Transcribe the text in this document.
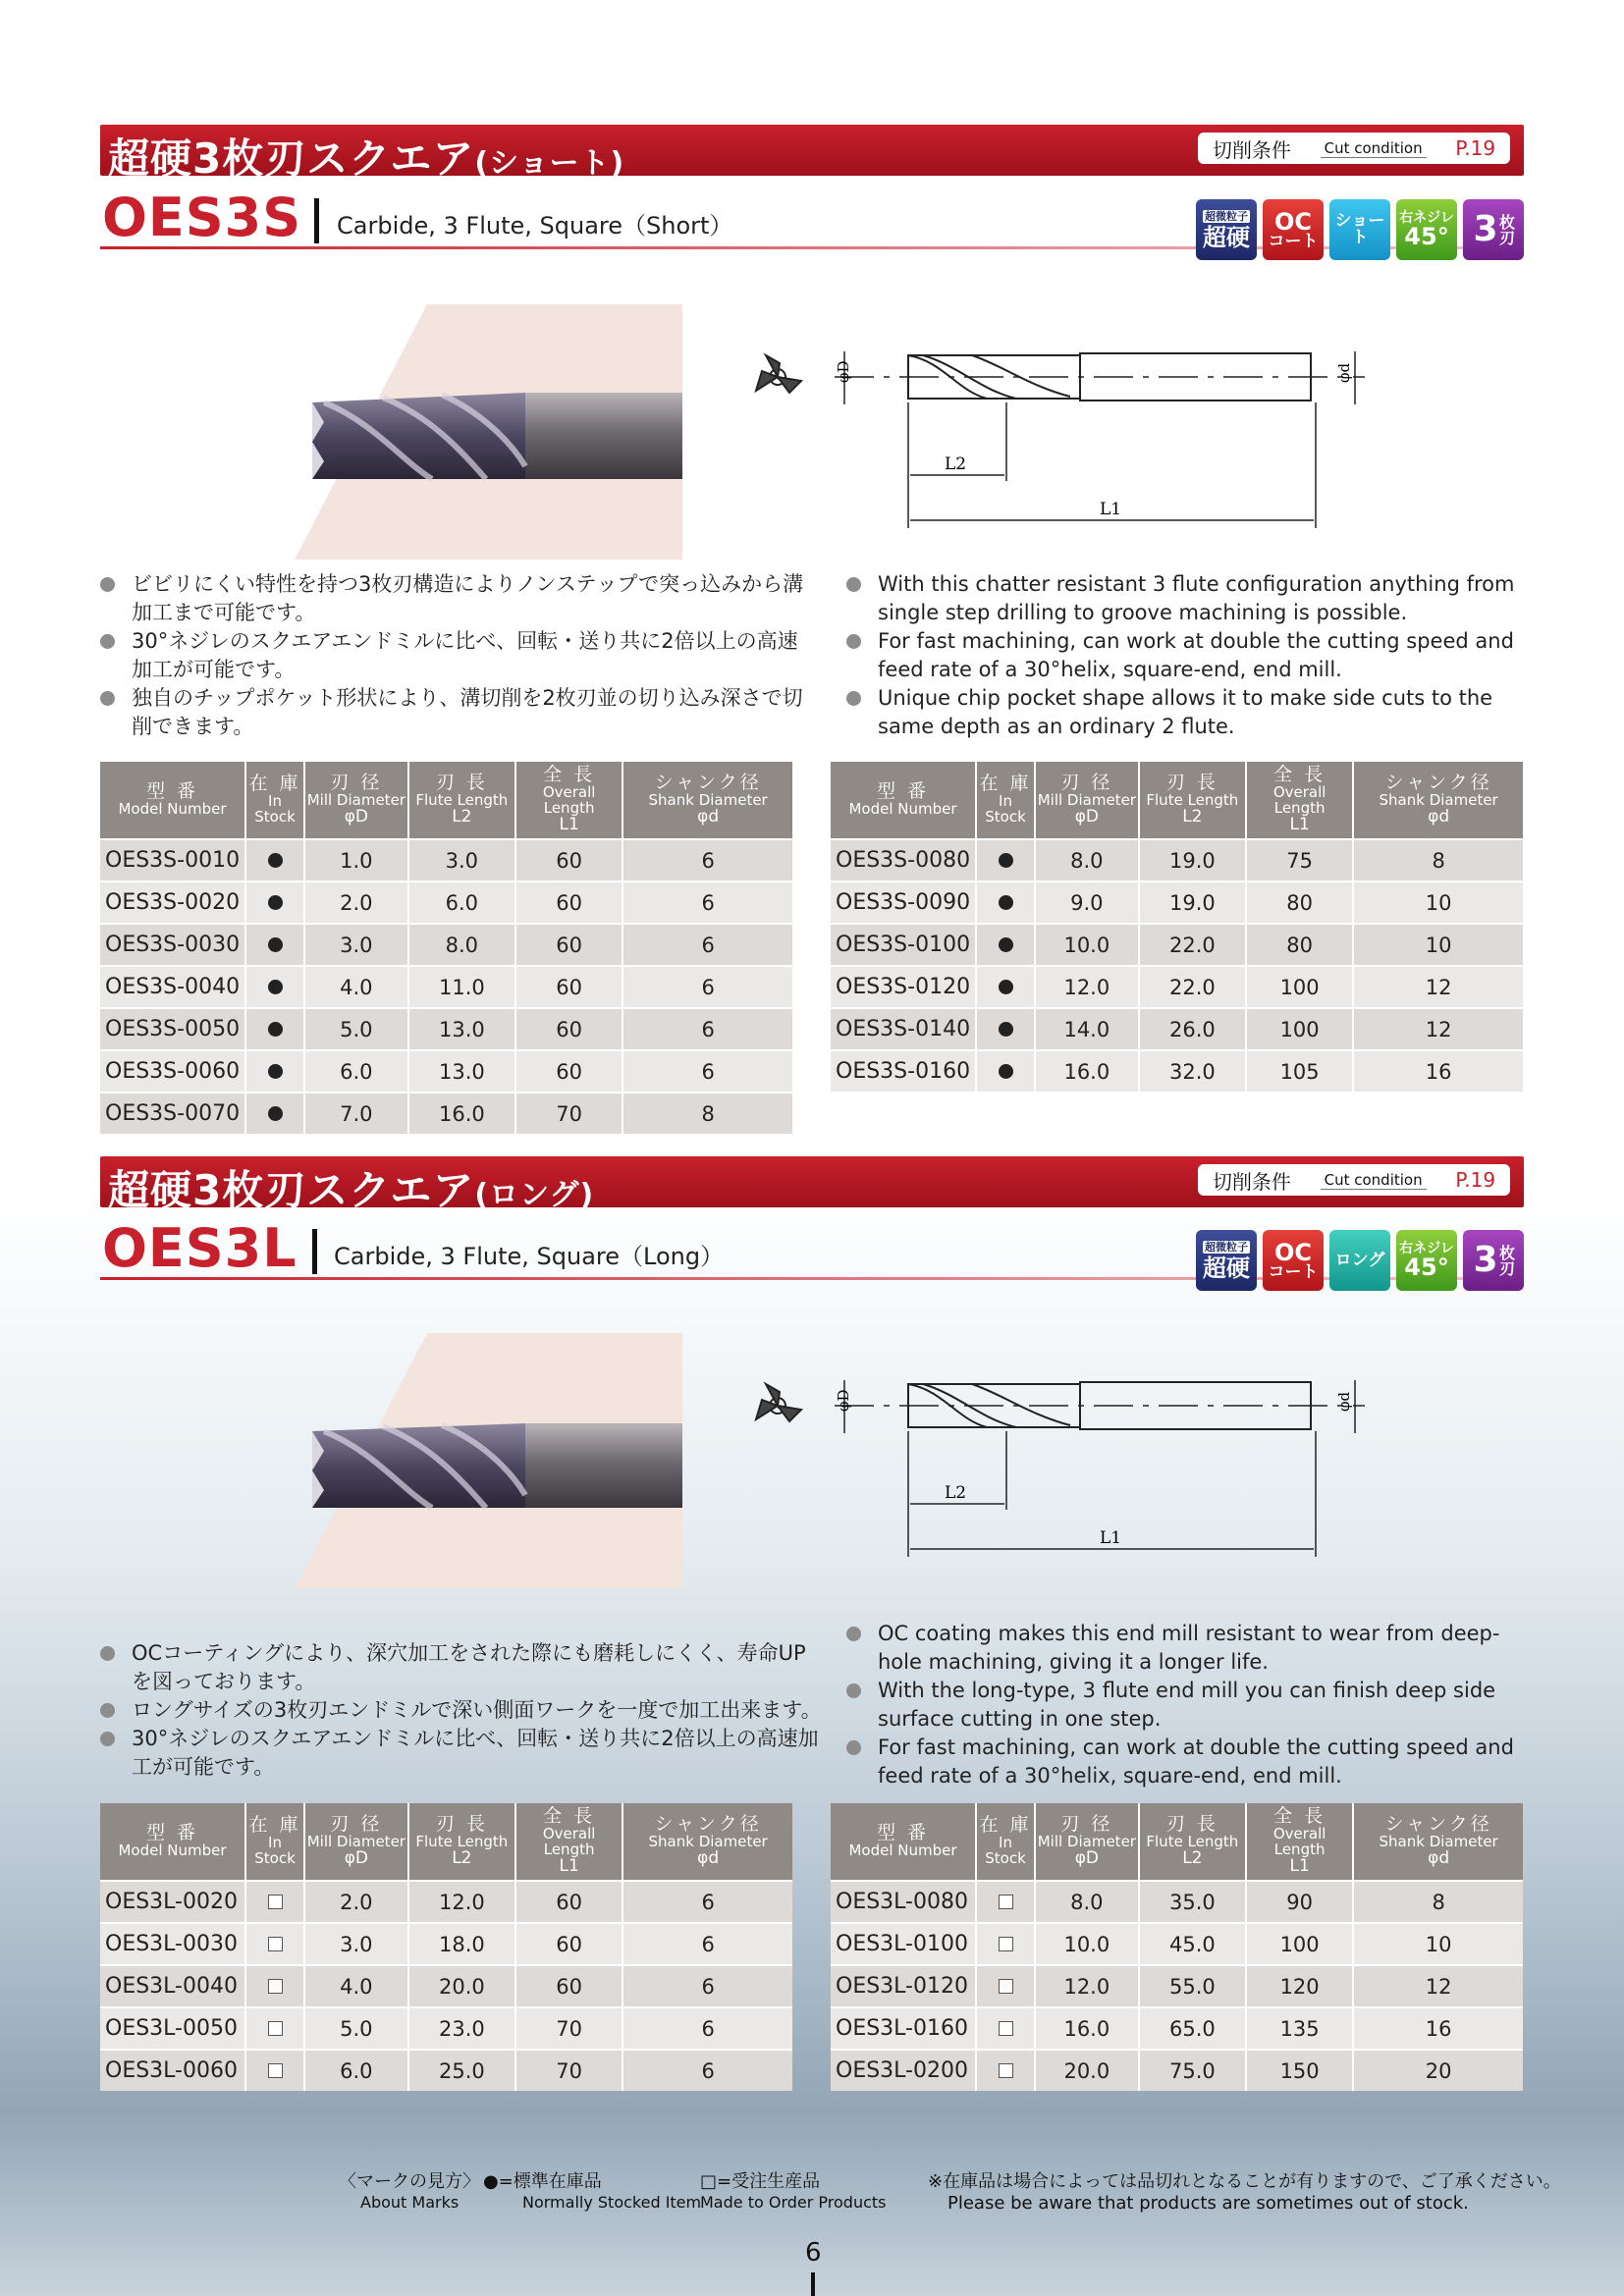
超硬3枚刃スクエア(ショート)	切削条件 Cut condition P.19
OES3S Carbide, 3 Flute, Square（Short）	超微粒子
超硬
OC
コート
ショート
右ネジレ
45° 3 枚刃
φD	φd
L2
L1
ビビリにくい特性を持つ3枚刃構造によりノンステップで突っ込みから溝加工まで可能です。
30°ネジレのスクエアエンドミルに比べ、回転・送り共に2倍以上の高速加工が可能です。
独自のチップポケット形状により、溝切削を2枚刃並の切り込み深さで切削できます。
With this chatter resistant 3 flute configuration anything from single step drilling to groove machining is possible.
For fast machining, can work at double the cutting speed and feed rate of a 30°helix, square-end, end mill.
Unique chip pocket shape allows it to make side cuts to the same depth as an ordinary 2 flute.
型 番
Model Number	在 庫
In Stock	刃 径
Mill Diameter
φD	刃 長
Flute Length
L2	全 長
Overall Length
L1	シャンク径
Shank Diameter
φd

OES3S-0010		1.0	3.0	60	6
OES3S-0020		2.0	6.0	60	6
OES3S-0030		3.0	8.0	60	6
OES3S-0040		4.0	11.0	60	6
OES3S-0050		5.0	13.0	60	6
OES3S-0060		6.0	13.0	60	6
OES3S-0070		7.0	16.0	70	8
型 番
Model Number	在 庫
In Stock	刃 径
Mill Diameter
φD	刃 長
Flute Length
L2	全 長
Overall Length
L1	シャンク径
Shank Diameter
φd

OES3S-0080		8.0	19.0	75	8
OES3S-0090		9.0	19.0	80	10
OES3S-0100		10.0	22.0	80	10
OES3S-0120		12.0	22.0	100	12
OES3S-0140		14.0	26.0	100	12
OES3S-0160		16.0	32.0	105	16
超硬3枚刃スクエア(ロング)	切削条件 Cut condition P.19
OES3L Carbide, 3 Flute, Square（Long）	超微粒子
超硬
OC
コート
ロング
右ネジレ
45° 3 枚刃
φD	φd
L2
L1
OCコーティングにより、深穴加工をされた際にも磨耗しにくく、寿命UPを図っております。
ロングサイズの3枚刃エンドミルで深い側面ワークを一度で加工出来ます。
30°ネジレのスクエアエンドミルに比べ、回転・送り共に2倍以上の高速加工が可能です。
OC coating makes this end mill resistant to wear from deep-hole machining, giving it a longer life.
With the long-type, 3 flute end mill you can finish deep side surface cutting in one step.
For fast machining, can work at double the cutting speed and feed rate of a 30°helix, square-end, end mill.
型 番
Model Number	在 庫
In Stock	刃 径
Mill Diameter
φD	刃 長
Flute Length
L2	全 長
Overall Length
L1	シャンク径
Shank Diameter
φd

OES3L-0020		2.0	12.0	60	6
OES3L-0030		3.0	18.0	60	6
OES3L-0040		4.0	20.0	60	6
OES3L-0050		5.0	23.0	70	6
OES3L-0060		6.0	25.0	70	6
型 番
Model Number	在 庫
In Stock	刃 径
Mill Diameter
φD	刃 長
Flute Length
L2	全 長
Overall Length
L1	シャンク径
Shank Diameter
φd

OES3L-0080		8.0	35.0	90	8
OES3L-0100		10.0	45.0	100	10
OES3L-0120		12.0	55.0	120	12
OES3L-0160		16.0	65.0	135	16
OES3L-0200		20.0	75.0	150	20
〈マークの見方〉
About Marks
●=標準在庫品
Normally Stocked Item
□=受注生産品
Made to Order Products
※在庫品は場合によっては品切れとなることが有りますので、ご了承ください。
Please be aware that products are sometimes out of stock.
6
